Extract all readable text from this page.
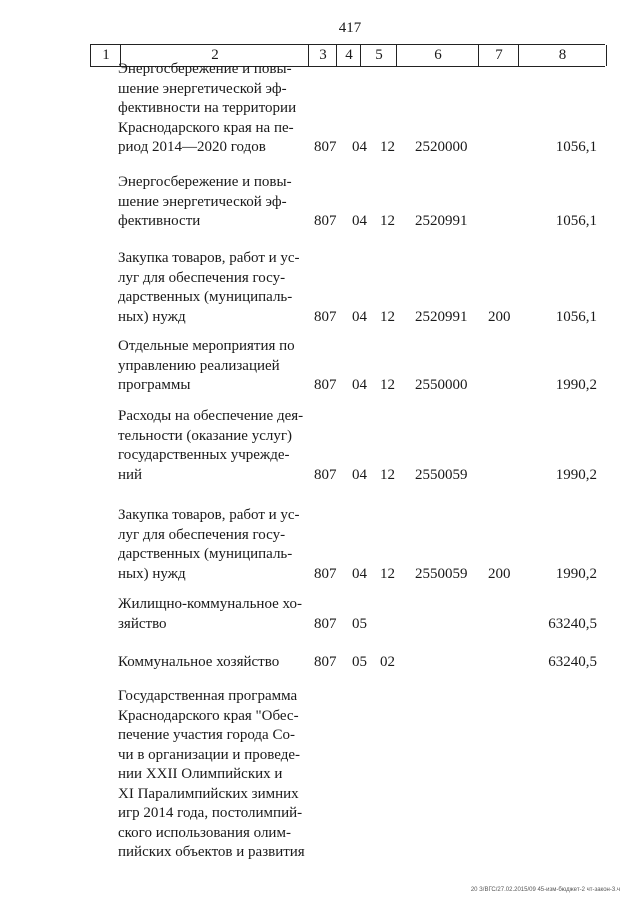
417
1	2	3	4	5	6	7	8
Энергосбережение и повы-
шение энергетической эф-
фективности на территории
Краснодарского края на пе-
риод 2014—2020 годов	807 04 12 2520000	1056,1
Энергосбережение и повы-
шение энергетической эф-
фективности	807 04 12 2520991	1056,1
Закупка товаров, работ и ус-
луг для обеспечения госу-
дарственных (муниципаль-
ных) нужд	807 04 12 2520991 200	1056,1
Отдельные мероприятия по
управлению реализацией
программы	807 04 12 2550000	1990,2
Расходы на обеспечение дея-
тельности (оказание услуг)
государственных учрежде-
ний	807 04 12 2550059	1990,2
Закупка товаров, работ и ус-
луг для обеспечения госу-
дарственных (муниципаль-
ных) нужд	807 04 12 2550059 200	1990,2
Жилищно-коммунальное хо-
зяйство	807 05	63240,5
Коммунальное хозяйство	807 05 02	63240,5
Государственная программа
Краснодарского края "Обес-
печение участия города Со-
чи в организации и проведе-
нии XXII Олимпийских и
XI Паралимпийских зимних
игр 2014 года, постолимпий-
ского использования олим-
пийских объектов и развития
20 З/ВГС/27.02.2015/09 45-изм-бюджет-2 чт-закон-3.ч
